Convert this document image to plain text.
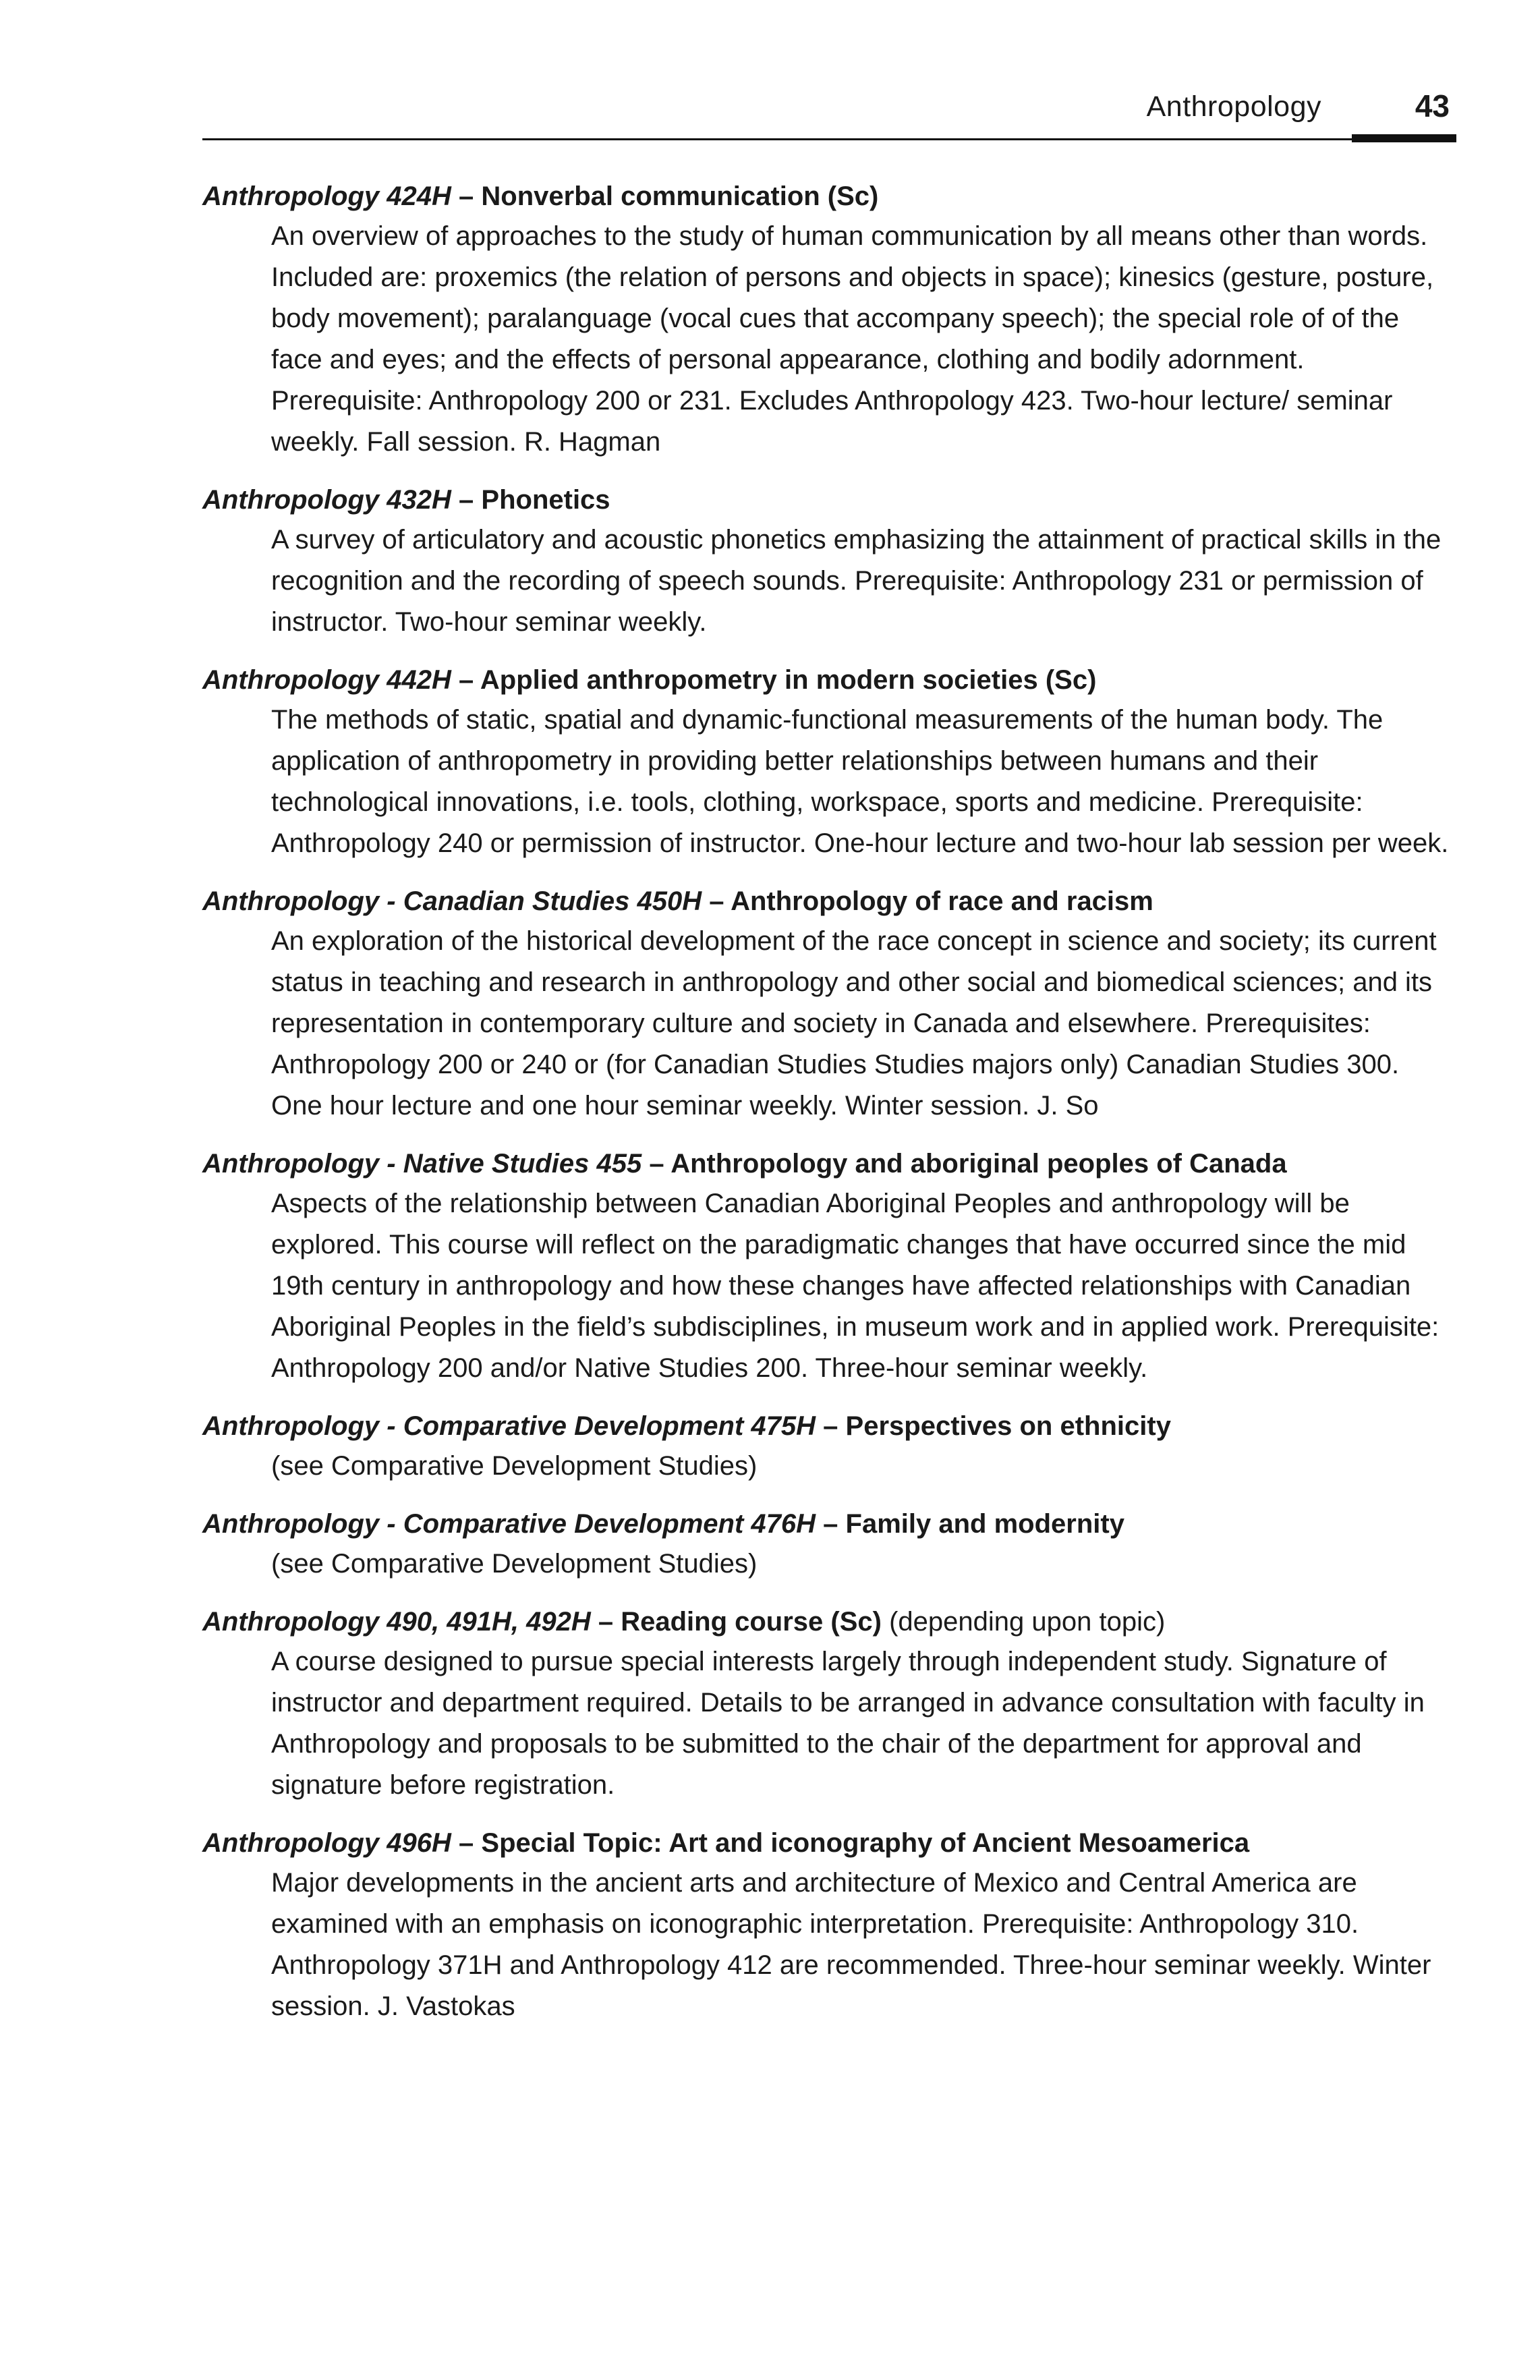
Anthropology	43
Anthropology 424H – Nonverbal communication (Sc)

An overview of approaches to the study of human communication by all means other than words. Included are: proxemics (the relation of persons and objects in space); kinesics (gesture, posture, body movement); paralanguage (vocal cues that accompany speech); the special role of of the face and eyes; and the effects of personal appearance, clothing and bodily adornment. Prerequisite: Anthropology 200 or 231. Excludes Anthropology 423. Two-hour lecture/ seminar weekly. Fall session. R. Hagman

Anthropology 432H – Phonetics

A survey of articulatory and acoustic phonetics emphasizing the attainment of practical skills in the recognition and the recording of speech sounds. Prerequisite: Anthropology 231 or permission of instructor. Two-hour seminar weekly.

Anthropology 442H – Applied anthropometry in modern societies (Sc)

The methods of static, spatial and dynamic-functional measurements of the human body. The application of anthropometry in providing better relationships between humans and their technological innovations, i.e. tools, clothing, workspace, sports and medicine. Prerequisite: Anthropology 240 or permission of instructor. One-hour lecture and two-hour lab session per week.

Anthropology - Canadian Studies 450H – Anthropology of race and racism

An exploration of the historical development of the race concept in science and society; its current status in teaching and research in anthropology and other social and biomedical sciences; and its representation in contemporary culture and society in Canada and elsewhere. Prerequisites: Anthropology 200 or 240 or (for Canadian Studies Studies majors only) Canadian Studies 300. One hour lecture and one hour seminar weekly. Winter session. J. So

Anthropology - Native Studies 455 – Anthropology and aboriginal peoples of Canada

Aspects of the relationship between Canadian Aboriginal Peoples and anthropology will be explored. This course will reflect on the paradigmatic changes that have occurred since the mid 19th century in anthropology and how these changes have affected relationships with Canadian Aboriginal Peoples in the field’s subdisciplines, in museum work and in applied work. Prerequisite: Anthropology 200 and/or Native Studies 200. Three-hour seminar weekly.

Anthropology - Comparative Development 475H – Perspectives on ethnicity

(see Comparative Development Studies)

Anthropology - Comparative Development 476H – Family and modernity

(see Comparative Development Studies)

Anthropology 490, 491H, 492H – Reading course (Sc) (depending upon topic)

A course designed to pursue special interests largely through independent study. Signature of instructor and department required. Details to be arranged in advance consultation with faculty in Anthropology and proposals to be submitted to the chair of the department for approval and signature before registration.

Anthropology 496H – Special Topic: Art and iconography of Ancient Mesoamerica

Major developments in the ancient arts and architecture of Mexico and Central America are examined with an emphasis on iconographic interpretation. Prerequisite: Anthropology 310. Anthropology 371H and Anthropology 412 are recommended. Three-hour seminar weekly. Winter session. J. Vastokas
